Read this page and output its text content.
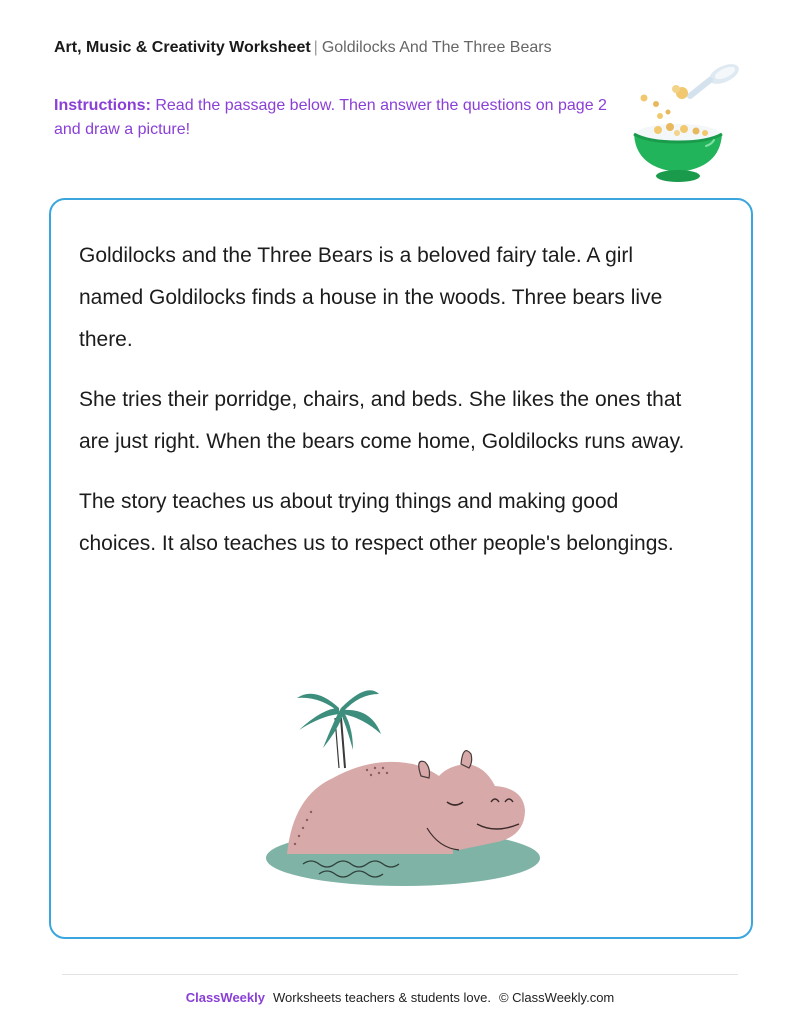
Art, Music & Creativity Worksheet | Goldilocks And The Three Bears
Instructions: Read the passage below. Then answer the questions on page 2 and draw a picture!

Goldilocks and the Three Bears is a beloved fairy tale. A girl named Goldilocks finds a house in the woods. Three bears live there.

She tries their porridge, chairs, and beds. She likes the ones that are just right. When the bears come home, Goldilocks runs away.

The story teaches us about trying things and making good choices. It also teaches us to respect other people's belongings.

ClassWeekly Worksheets teachers & students love. © ClassWeekly.com
